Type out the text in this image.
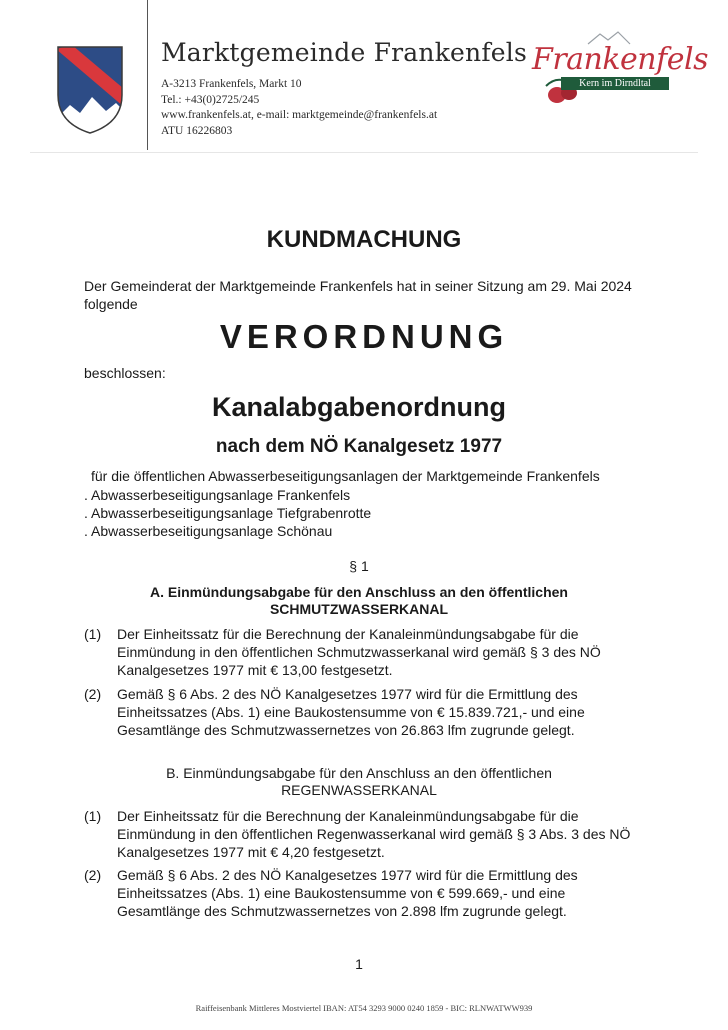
Marktgemeinde Frankenfels
A-3213 Frankenfels, Markt 10
Tel.: +43(0)2725/245
www.frankenfels.at, e-mail: marktgemeinde@frankenfels.at
ATU 16226803
Frankenfels
Kern im Dirndltal
KUNDMACHUNG
Der Gemeinderat der Marktgemeinde Frankenfels hat in seiner Sitzung am 29. Mai 2024 folgende
VERORDNUNG
beschlossen:
Kanalabgabenordnung
nach dem NÖ Kanalgesetz 1977
für die öffentlichen Abwasserbeseitigungsanlagen der Marktgemeinde Frankenfels
. Abwasserbeseitigungsanlage Frankenfels
. Abwasserbeseitigungsanlage Tiefgrabenrotte
. Abwasserbeseitigungsanlage Schönau
§ 1
A. Einmündungsabgabe für den Anschluss an den öffentlichen
SCHMUTZWASSERKANAL
(1)	Der Einheitssatz für die Berechnung der Kanaleinmündungsabgabe für die Einmündung in den öffentlichen Schmutzwasserkanal wird gemäß § 3 des NÖ Kanalgesetzes 1977 mit € 13,00 festgesetzt.
(2)	Gemäß § 6 Abs. 2 des NÖ Kanalgesetzes 1977 wird für die Ermittlung des Einheitssatzes (Abs. 1) eine Baukostensumme von € 15.839.721,- und eine Gesamtlänge des Schmutzwassernetzes von 26.863 lfm zugrunde gelegt.
B. Einmündungsabgabe für den Anschluss an den öffentlichen
REGENWASSERKANAL
(1)	Der Einheitssatz für die Berechnung der Kanaleinmündungsabgabe für die Einmündung in den öffentlichen Regenwasserkanal wird gemäß § 3 Abs. 3 des NÖ Kanalgesetzes 1977 mit € 4,20 festgesetzt.
(2)	Gemäß § 6 Abs. 2 des NÖ Kanalgesetzes 1977 wird für die Ermittlung des Einheitssatzes (Abs. 1) eine Baukostensumme von € 599.669,- und eine Gesamtlänge des Schmutzwassernetzes von 2.898 lfm zugrunde gelegt.
1
Raiffeisenbank Mittleres Mostviertel IBAN: AT54 3293 9000 0240 1859 - BIC: RLNWATWW939
